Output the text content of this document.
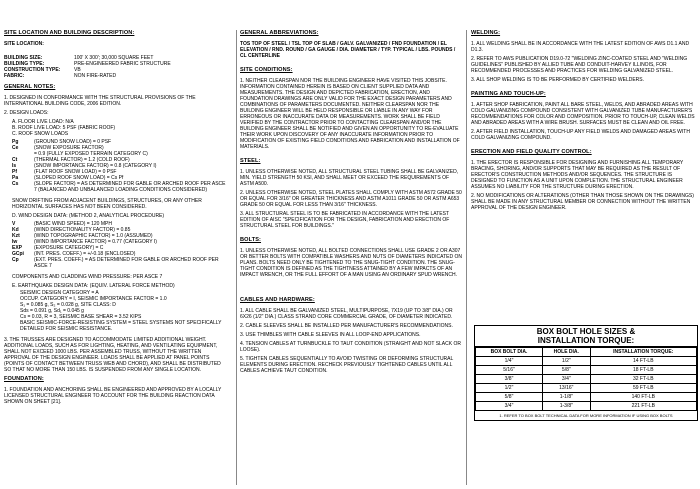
SITE LOCATION AND BUILDING DESCRIPTION:
SITE LOCATION:
BUILDING SIZE:	100' X 300'; 30,000 SQUARE FEET
BUILDING TYPE:	PRE-ENGINEERED FABRIC STRUCTURE
CONSTRUCTION TYPE:	VB
FABRIC:	NON FIRE-RATED
GENERAL NOTES:
1. DESIGNED IN CONFORMANCE WITH THE STRUCTURAL PROVISIONS OF THE INTERNATIONAL BUILDING CODE, 2006 EDITION.
2. DESIGN LOADS:
A. FLOOR LIVE LOAD: N/A
B. ROOF LIVE LOAD: 5 PSF (FABRIC ROOF)
C. ROOF SNOW LOADS
Pg	(GROUND SNOW LOAD) = 0 PSF
Ce	(SNOW EXPOSURE FACTOR)
= 0.9 (FULLY EXPOSED TERRAIN CATEGORY C)
Ct	(THERMAL FACTOR) = 1.2 (COLD ROOF)
Is	(SNOW IMPORTANCE FACTOR) = 0.8 (CATEGORY I)
Pf	(FLAT ROOF SNOW LOAD) = 0 PSF
Pa	(SLOPED ROOF SNOW LOAD) = Cs Pf
Cs	(SLOPE FACTOR) = AS DETERMINED FOR GABLE OR ARCHED ROOF PER ASCE 7 (BALANCED AND UNBALANCED LOADING CONDITIONS CONSIDERED)
SNOW DRIFTING FROM ADJACENT BUILDINGS, STRUCTURES, OR ANY OTHER HORIZONTAL SURFACES HAS NOT BEEN CONSIDERED.
D. WIND DESIGN DATA: (METHOD 2, ANALYTICAL PROCEDURE)
V	(BASIC WIND SPEED) = 120 MPH
Kd	(WIND DIRECTIONALITY FACTOR) = 0.85
Kzt	(WIND TOPOGRAPHIC FACTOR) = 1.0 (ASSUMED)
Iw	(WIND IMPORTANCE FACTOR) = 0.77 (CATEGORY I)
EXP	(EXPOSURE CATEGORY) = C
GCpi	(INT. PRES. COEFF.) = +/-0.18 (ENCLOSED)
Cp	(EXT. PRES. COEFF.) = AS DETERMINED FOR GABLE OR ARCHED ROOF PER ASCE 7
COMPONENTS AND CLADDING WIND PRESSURE: PER ASCE 7
E. EARTHQUAKE DESIGN DATA: (EQUIV. LATERAL FORCE METHOD)
SEISMIC DESIGN CATEGORY = A
OCCUP. CATEGORY = I, SEISMIC IMPORTANCE FACTOR = 1.0
S₁ = 0.085 g, S₂ = 0.028 g, SITE CLASS: D
Sds = 0.091 g, Sd₁ = 0.045 g
Cs = 0.03, R = 3, SEISMIC BASE SHEAR = 3.52 KIPS
BASIC SEISMIC-FORCE-RESISTING SYSTEM = STEEL SYSTEMS NOT SPECIFICALLY DETAILED FOR SEISMIC RESISTANCE.
3. THE TRUSSES ARE DESIGNED TO ACCOMMODATE LIMITED ADDITIONAL WEIGHT. ADDITIONAL LOADS, SUCH AS FOR LIGHTING, HEATING, AND VENTILATING EQUIPMENT, SHALL NOT EXCEED 1000 LBS. PER ASSEMBLED TRUSS, WITHOUT THE WRITTEN APPROVAL OF THE DESIGN ENGINEER. LOADS SHALL BE APPLIED AT PANEL POINTS (POINTS OF CONTACT BETWEEN TRUSS WEB AND CHORD), AND SHALL BE DISTRIBUTED SO THAT NO MORE THAN 150 LBS. IS SUSPENDED FROM ANY SINGLE LOCATION.
FOUNDATION:
1. FOUNDATION AND ANCHORING SHALL BE ENGINEERED AND APPROVED BY A LOCALLY LICENSED STRUCTURAL ENGINEER TO ACCOUNT FOR THE BUILDING REACTION DATA SHOWN ON SHEET [21].
GENERAL ABBREVIATIONS:
TOS TOP OF STEEL / TSL TOP OF SLAB / GALV. GALVANIZED / FND FOUNDATION / EL ELEVATION / RND. ROUND / GA GAUGE / DIA. DIAMETER / TYP. TYPICAL / LBS. POUNDS / CL CENTERLINE
SITE CONDITIONS:
1. NEITHER CLEARSPAN NOR THE BUILDING ENGINEER HAVE VISITED THIS JOBSITE. INFORMATION CONTAINED HEREIN IS BASED ON CLIENT SUPPLIED DATA AND MEASUREMENTS. THE DESIGN AND DEPICTED FABRICATION, ERECTION, AND FOUNDATION DRAWINGS ARE ONLY VALID FOR THE EXACT DESIGN PARAMETERS AND COMBINATIONS OF PARAMETERS DOCUMENTED. NEITHER CLEARSPAN NOR THE BUILDING ENGINEER WILL BE HELD RESPONSIBLE OR LIABLE IN ANY WAY FOR ERRONEOUS OR INACCURATE DATA OR MEASUREMENTS. WORK SHALL BE FIELD VERIFIED BY THE CONTRACTOR PRIOR TO CONTACTING CLEARSPAN AND/OR THE BUILDING ENGINEER SHALL BE NOTIFIED AND GIVEN AN OPPORTUNITY TO RE-EVALUATE THEIR WORK UPON DISCOVERY OF ANY INACCURATE INFORMATION PRIOR TO MODIFICATION OF EXISTING FIELD CONDITIONS AND FABRICATION AND INSTALLATION OF MATERIALS.
STEEL:
1. UNLESS OTHERWISE NOTED, ALL STRUCTURAL STEEL TUBING SHALL BE GALVANIZED, MIN. YIELD STRENGTH 50 KSI, AND SHALL MEET OR EXCEED THE REQUIREMENTS OF ASTM A500.
2. UNLESS OTHERWISE NOTED, STEEL PLATES SHALL COMPLY WITH ASTM A572 GRADE 50 OR EQUAL FOR 3/16" OR GREATER THICKNESS AND ASTM A1011 GRADE 50 OR ASTM A653 GRADE 50 OR EQUAL FOR LESS THAN 3/16" THICKNESS.
3. ALL STRUCTURAL STEEL IS TO BE FABRICATED IN ACCORDANCE WITH THE LATEST EDITION OF AISC "SPECIFICATION FOR THE DESIGN, FABRICATION AND ERECTION OF STRUCTURAL STEEL FOR BUILDINGS."
BOLTS:
1. UNLESS OTHERWISE NOTED, ALL BOLTED CONNECTIONS SHALL USE GRADE 2 OR A307 OR BETTER BOLTS WITH COMPATIBLE WASHERS AND NUTS OF DIAMETERS INDICATED ON PLANS. BOLTS NEED ONLY BE TIGHTENED TO THE SNUG-TIGHT CONDITION. THE SNUG-TIGHT CONDITION IS DEFINED AS THE TIGHTNESS ATTAINED BY A FEW IMPACTS OF AN IMPACT WRENCH, OR THE FULL EFFORT OF A MAN USING AN ORDINARY SPUD WRENCH.
CABLES AND HARDWARE:
1. ALL CABLE SHALL BE GALVANIZED STEEL, MULTIPURPOSE, 7X19 (UP TO 3/8" DIA.) OR 6X26 (1/2" DIA.) CLASS STRAND CORE COMMERCIAL GRADE, OF DIAMETER INDICATED.
2. CABLE SLEEVES SHALL BE INSTALLED PER MANUFACTURER'S RECOMMENDATIONS.
3. USE THIMBLES WITH CABLE SLEEVES IN ALL LOOP-END APPLICATIONS.
4. TENSION CABLES AT TURNBUCKLE TO TAUT CONDITION (STRAIGHT AND NOT SLACK OR LOOSE).
5. TIGHTEN CABLES SEQUENTIALLY TO AVOID TWISTING OR DEFORMING STRUCTURAL ELEMENTS DURING ERECTION. RECHECK PREVIOUSLY TIGHTENED CABLES UNTIL ALL CABLES ACHIEVE TAUT CONDITION.
WELDING:
1. ALL WELDING SHALL BE IN ACCORDANCE WITH THE LATEST EDITION OF AWS D1.1 AND D1.3.
2. REFER TO AWS PUBLICATION D19.0-72 "WELDING ZINC-COATED STEEL AND "WELDING GUIDELINES" PUBLISHED BY ALLIED TUBE AND CONDUIT-HARVEY ILLINOIS, FOR RECOMMENDED PROCESSES AND PRACTICES FOR WELDING GALVANIZED STEEL.
3. ALL SHOP WELDING IS TO BE PERFORMED BY CERTIFIED WELDERS.
PAINTING AND TOUCH-UP:
1. AFTER SHOP FABRICATION, PAINT ALL BARE STEEL, WELDS, AND ABRADED AREAS WITH COLD GALVANIZING COMPOUND CONSISTENT WITH GALVANIZED TUBE MANUFACTURER'S RECOMMENDATIONS FOR COLOR AND COMPOSITION. PRIOR TO TOUCH-UP, CLEAN WELDS AND ABRADED AREAS WITH A WIRE BRUSH. SURFACES MUST BE CLEAN AND OIL FREE.
2. AFTER FIELD INSTALLATION, TOUCH-UP ANY FIELD WELDS AND DAMAGED AREAS WITH COLD GALVANIZING COMPOUND.
ERECTION AND FIELD QUALITY CONTROL:
1. THE ERECTOR IS RESPONSIBLE FOR DESIGNING AND FURNISHING ALL TEMPORARY BRACING, SHORING, AND/OR SUPPORTS THAT MAY BE REQUIRED AS THE RESULT OF ERECTOR'S CONSTRUCTION METHODS AND/OR SEQUENCES. THE STRUCTURE IS DESIGNED TO FUNCTION AS A UNIT UPON COMPLETION. THE STRUCTURAL ENGINEER ASSUMES NO LIABILITY FOR THE STRUCTURE DURING ERECTION.
2. NO MODIFICATIONS OR ALTERATIONS (OTHER THAN THOSE SHOWN ON THE DRAWINGS) SHALL BE MADE IN ANY STRUCTURAL MEMBER OR CONNECTION WITHOUT THE WRITTEN APPROVAL OF THE DESIGN ENGINEER.
BOX BOLT HOLE SIZES &
INSTALLATION TORQUE:
BOX BOLT DIA.	HOLE DIA.	INSTALLATION TORQUE:
1/4"	1/2"	14 FT-LB
5/16"	5/8"	18 FT-LB
3/8"	3/4"	32 FT-LB
1/2"	13/16"	59 FT-LB
5/8"	1-1/8"	140 FT-LB
3/4"	1-3/8"	221 FT-LB
1. REFER TO BOX BOLT TECHNICAL DATA FOR MORE INFORMATION IF USING BOX BOLTS
